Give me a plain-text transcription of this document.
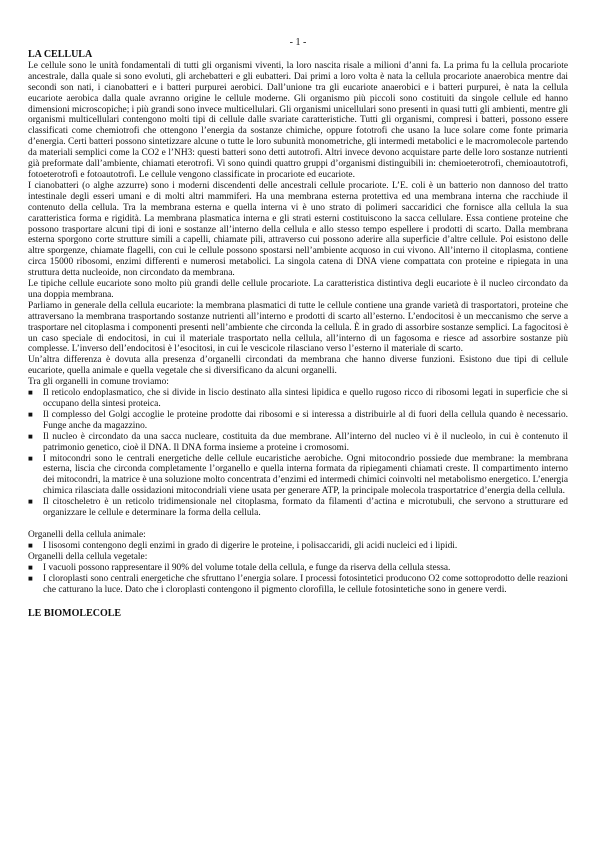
- 1 -
LA CELLULA

Le cellule sono le unità fondamentali di tutti gli organismi viventi, la loro nascita risale a milioni d’anni fa. La prima fu la cellula procariote ancestrale, dalla quale si sono evoluti, gli archebatteri e gli eubatteri. Dai primi a loro volta è nata la cellula procariote anaerobica mentre dai secondi son nati, i cianobatteri e i batteri purpurei aerobici. Dall’unione tra gli eucariote anaerobici e i batteri purpurei, è nata la cellula eucariote aerobica dalla quale avranno origine le cellule moderne. Gli organismo più piccoli sono costituiti da singole cellule ed hanno dimensioni microscopiche; i più grandi sono invece multicellulari. Gli organismi unicellulari sono presenti in quasi tutti gli ambienti, mentre gli organismi multicellulari contengono molti tipi di cellule dalle svariate caratteristiche. Tutti gli organismi, compresi i batteri, possono essere classificati come chemiotrofi che ottengono l’energia da sostanze chimiche, oppure fototrofi che usano la luce solare come fonte primaria d’energia. Certi batteri possono sintetizzare alcune o tutte le loro subunità monometriche, gli intermedi metabolici e le macromolecole partendo da materiali semplici come la CO2 e l’NH3: questi batteri sono detti autotrofi. Altri invece devono acquistare parte delle loro sostanze nutrienti già preformate dall’ambiente, chiamati eterotrofi. Vi sono quindi quattro gruppi d’organismi distinguibili in: chemioeterotrofi, chemioautotrofi, fotoeterotrofi e fotoautotrofi. Le cellule vengono classificate in procariote ed eucariote.

I cianobatteri (o alghe azzurre) sono i moderni discendenti delle ancestrali cellule procariote. L’E. coli è un batterio non dannoso del tratto intestinale degli esseri umani e di molti altri mammiferi. Ha una membrana esterna protettiva ed una membrana interna che racchiude il contenuto della cellula. Tra la membrana esterna e quella interna vi è uno strato di polimeri saccaridici che fornisce alla cellula la sua caratteristica forma e rigidità. La membrana plasmatica interna e gli strati esterni costituiscono la sacca cellulare. Essa contiene proteine che possono trasportare alcuni tipi di ioni e sostanze all’interno della cellula e allo stesso tempo espellere i prodotti di scarto. Dalla membrana esterna sporgono corte strutture simili a capelli, chiamate pili, attraverso cui possono aderire alla superficie d’altre cellule. Poi esistono delle altre sporgenze, chiamate flagelli, con cui le cellule possono spostarsi nell’ambiente acquoso in cui vivono. All’interno il citoplasma, contiene circa 15000 ribosomi, enzimi differenti e numerosi metabolici. La singola catena di DNA viene compattata con proteine e ripiegata in una struttura detta nucleoide, non circondato da membrana.

Le tipiche cellule eucariote sono molto più grandi delle cellule procariote. La caratteristica distintiva degli eucariote è il nucleo circondato da una doppia membrana.

Parliamo in generale della cellula eucariote: la membrana plasmatici di tutte le cellule contiene una grande varietà di trasportatori, proteine che attraversano la membrana trasportando sostanze nutrienti all’interno e prodotti di scarto all’esterno. L’endocitosi è un meccanismo che serve a trasportare nel citoplasma i componenti presenti nell’ambiente che circonda la cellula. È in grado di assorbire sostanze semplici. La fagocitosi è un caso speciale di endocitosi, in cui il materiale trasportato nella cellula, all’interno di un fagosoma e riesce ad assorbire sostanze più complesse. L’inverso dell’endocitosi è l’esocitosi, in cui le vescicole rilasciano verso l’esterno il materiale di scarto.

Un’altra differenza è dovuta alla presenza d’organelli circondati da membrana che hanno diverse funzioni. Esistono due tipi di cellule eucariote, quella animale e quella vegetale che si diversificano da alcuni organelli.

Tra gli organelli in comune troviamo:

■ Il reticolo endoplasmatico, che si divide in liscio destinato alla sintesi lipidica e quello rugoso ricco di ribosomi legati in superficie che si occupano della sintesi proteica.
■ Il complesso del Golgi accoglie le proteine prodotte dai ribosomi e si interessa a distribuirle al di fuori della cellula quando è necessario. Funge anche da magazzino.
■ Il nucleo è circondato da una sacca nucleare, costituita da due membrane. All’interno del nucleo vi è il nucleolo, in cui è contenuto il patrimonio genetico, cioè il DNA. Il DNA forma insieme a proteine i cromosomi.
■ I mitocondri sono le centrali energetiche delle cellule eucaristiche aerobiche. Ogni mitocondrio possiede due membrane: la membrana esterna, liscia che circonda completamente l’organello e quella interna formata da ripiegamenti chiamati creste. Il compartimento interno dei mitocondri, la matrice è una soluzione molto concentrata d’enzimi ed intermedi chimici coinvolti nel metabolismo energetico. L’energia chimica rilasciata dalle ossidazioni mitocondriali viene usata per generare ATP, la principale molecola trasportatrice d’energia della cellula.
■ Il citoscheletro è un reticolo tridimensionale nel citoplasma, formato da filamenti d’actina e microtubuli, che servono a strutturare ed organizzare le cellule e determinare la forma della cellula.

Organelli della cellula animale:

■ I lisosomi contengono degli enzimi in grado di digerire le proteine, i polisaccaridi, gli acidi nucleici ed i lipidi.

Organelli della cellula vegetale:

■ I vacuoli possono rappresentare il 90% del volume totale della cellula, e funge da riserva della cellula stessa.
■ I cloroplasti sono centrali energetiche che sfruttano l’energia solare. I processi fotosintetici producono O2 come sottoprodotto delle reazioni che catturano la luce. Dato che i cloroplasti contengono il pigmento clorofilla, le cellule fotosintetiche sono in genere verdi.
LE BIOMOLECOLE
